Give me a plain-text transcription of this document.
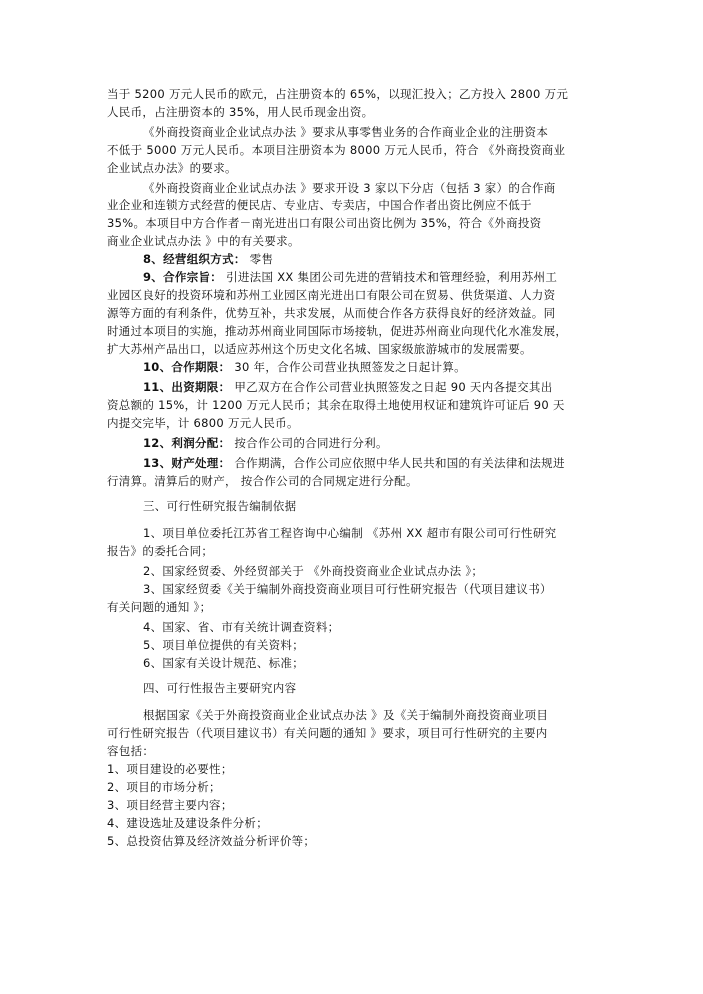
当于 5200 万元人民币的欧元，占注册资本的 65%，以现汇投入；乙方投入 2800 万元
人民币，占注册资本的 35%，用人民币现金出资。
《外商投资商业企业试点办法 》要求从事零售业务的合作商业企业的注册资本
不低于 5000 万元人民币。本项目注册资本为 8000 万元人民币，符合 《外商投资商业
企业试点办法》的要求。
《外商投资商业企业试点办法 》要求开设 3 家以下分店（包括 3 家）的合作商
业企业和连锁方式经营的便民店、专业店、专卖店，中国合作者出资比例应不低于
35%。本项目中方合作者－南光进出口有限公司出资比例为 35%，符合《外商投资
商业企业试点办法 》中的有关要求。
8、经营组织方式： 零售
9、合作宗旨： 引进法国 XX 集团公司先进的营销技术和管理经验，利用苏州工
业园区良好的投资环境和苏州工业园区南光进出口有限公司在贸易、供货渠道、人力资
源等方面的有利条件，优势互补，共求发展，从而使合作各方获得良好的经济效益。同
时通过本项目的实施，推动苏州商业同国际市场接轨，促进苏州商业向现代化水准发展，
扩大苏州产品出口，以适应苏州这个历史文化名城、国家级旅游城市的发展需要。
10、合作期限： 30 年，合作公司营业执照签发之日起计算。
11、出资期限： 甲乙双方在合作公司营业执照签发之日起 90 天内各提交其出
资总额的 15%，计 1200 万元人民币；其余在取得土地使用权证和建筑许可证后 90 天
内提交完毕，计 6800 万元人民币。
12、利润分配： 按合作公司的合同进行分利。
13、财产处理： 合作期满，合作公司应依照中华人民共和国的有关法律和法规进
行清算。清算后的财产， 按合作公司的合同规定进行分配。
三、可行性研究报告编制依据
1、项目单位委托江苏省工程咨询中心编制 《苏州 XX 超市有限公司可行性研究
报告》的委托合同；
2、国家经贸委、外经贸部关于 《外商投资商业企业试点办法 》；
3、国家经贸委《关于编制外商投资商业项目可行性研究报告（代项目建议书）
有关问题的通知 》；
4、国家、省、市有关统计调查资料；
5、项目单位提供的有关资料；
6、国家有关设计规范、标准；
四、可行性报告主要研究内容
根据国家《关于外商投资商业企业试点办法 》及《关于编制外商投资商业项目
可行性研究报告（代项目建议书）有关问题的通知 》要求，项目可行性研究的主要内
容包括：
1、项目建设的必要性；
2、项目的市场分析；
3、项目经营主要内容；
4、建设选址及建设条件分析；
5、总投资估算及经济效益分析评价等；
